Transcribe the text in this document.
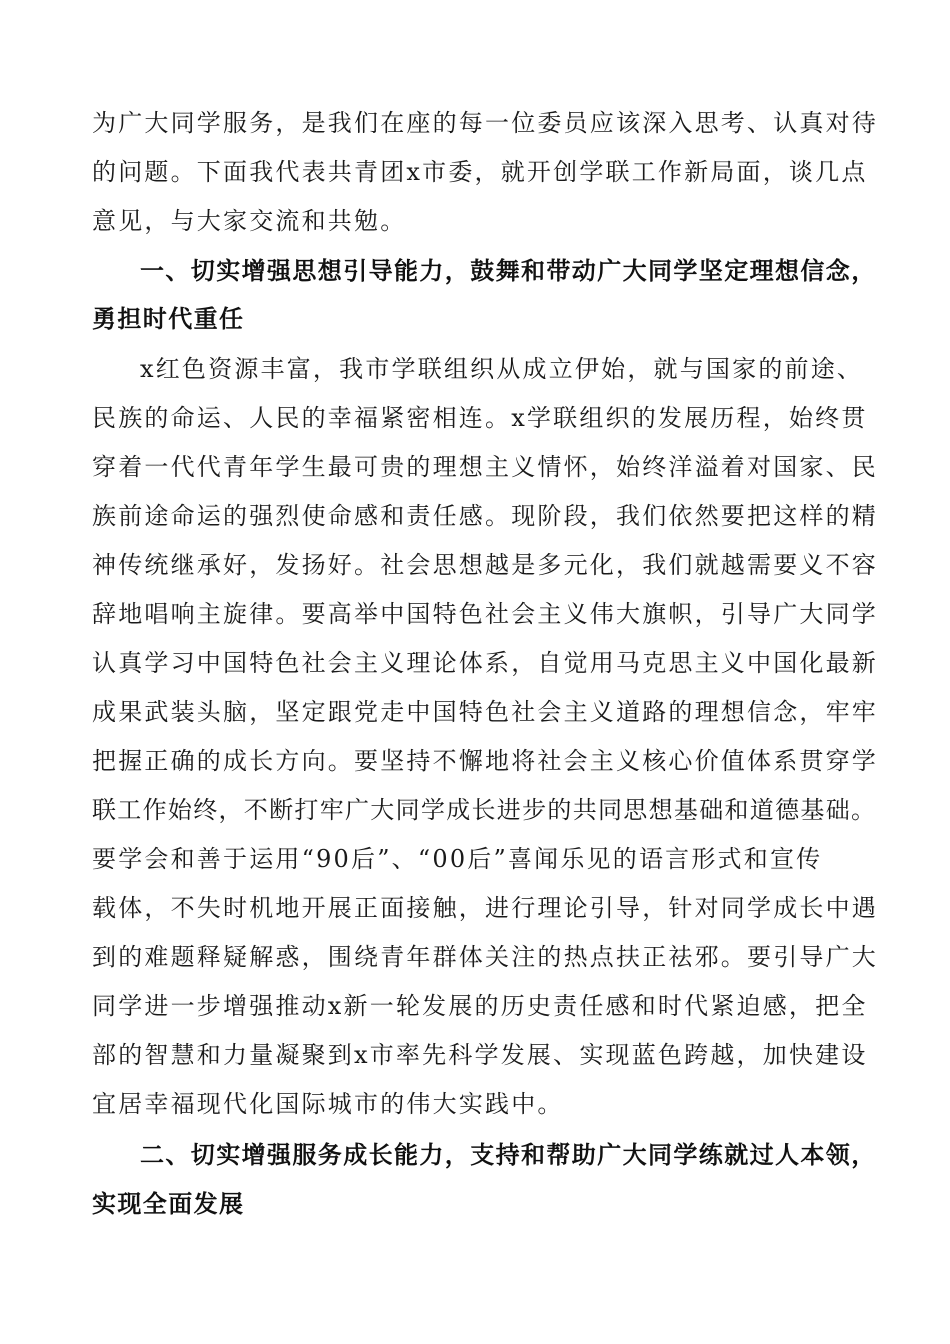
为广大同学服务，是我们在座的每一位委员应该深入思考、认真对待
的问题。下面我代表共青团x市委，就开创学联工作新局面，谈几点
意见，与大家交流和共勉。
一、切实增强思想引导能力，鼓舞和带动广大同学坚定理想信念，
勇担时代重任
x红色资源丰富，我市学联组织从成立伊始，就与国家的前途、
民族的命运、人民的幸福紧密相连。x学联组织的发展历程，始终贯
穿着一代代青年学生最可贵的理想主义情怀，始终洋溢着对国家、民
族前途命运的强烈使命感和责任感。现阶段，我们依然要把这样的精
神传统继承好，发扬好。社会思想越是多元化，我们就越需要义不容
辞地唱响主旋律。要高举中国特色社会主义伟大旗帜，引导广大同学
认真学习中国特色社会主义理论体系，自觉用马克思主义中国化最新
成果武装头脑，坚定跟党走中国特色社会主义道路的理想信念，牢牢
把握正确的成长方向。要坚持不懈地将社会主义核心价值体系贯穿学
联工作始终，不断打牢广大同学成长进步的共同思想基础和道德基础。
要学会和善于运用“90后”、“00后”喜闻乐见的语言形式和宣传
载体，不失时机地开展正面接触，进行理论引导，针对同学成长中遇
到的难题释疑解惑，围绕青年群体关注的热点扶正祛邪。要引导广大
同学进一步增强推动x新一轮发展的历史责任感和时代紧迫感，把全
部的智慧和力量凝聚到x市率先科学发展、实现蓝色跨越，加快建设
宜居幸福现代化国际城市的伟大实践中。
二、切实增强服务成长能力，支持和帮助广大同学练就过人本领，
实现全面发展
